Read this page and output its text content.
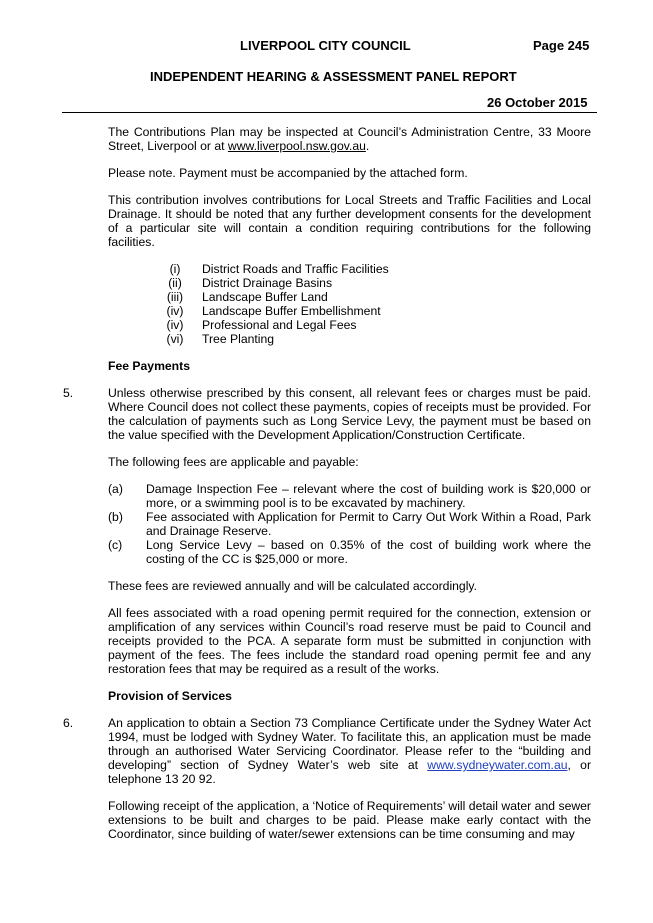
LIVERPOOL CITY COUNCIL	Page 245
INDEPENDENT HEARING & ASSESSMENT PANEL REPORT
26 October 2015

The Contributions Plan may be inspected at Council’s Administration Centre, 33 Moore Street, Liverpool or at www.liverpool.nsw.gov.au.

Please note. Payment must be accompanied by the attached form.

This contribution involves contributions for Local Streets and Traffic Facilities and Local Drainage. It should be noted that any further development consents for the development of a particular site will contain a condition requiring contributions for the following facilities.

(i)	District Roads and Traffic Facilities
(ii)	District Drainage Basins
(iii)	Landscape Buffer Land
(iv)	Landscape Buffer Embellishment
(iv)	Professional and Legal Fees
(vi)	Tree Planting

Fee Payments

5.	Unless otherwise prescribed by this consent, all relevant fees or charges must be paid. Where Council does not collect these payments, copies of receipts must be provided. For the calculation of payments such as Long Service Levy, the payment must be based on the value specified with the Development Application/Construction Certificate.

The following fees are applicable and payable:

(a)	Damage Inspection Fee – relevant where the cost of building work is $20,000 or more, or a swimming pool is to be excavated by machinery.
(b)	Fee associated with Application for Permit to Carry Out Work Within a Road, Park and Drainage Reserve.
(c)	Long Service Levy – based on 0.35% of the cost of building work where the costing of the CC is $25,000 or more.

These fees are reviewed annually and will be calculated accordingly.

All fees associated with a road opening permit required for the connection, extension or amplification of any services within Council’s road reserve must be paid to Council and receipts provided to the PCA. A separate form must be submitted in conjunction with payment of the fees. The fees include the standard road opening permit fee and any restoration fees that may be required as a result of the works.

Provision of Services

6.	An application to obtain a Section 73 Compliance Certificate under the Sydney Water Act 1994, must be lodged with Sydney Water. To facilitate this, an application must be made through an authorised Water Servicing Coordinator. Please refer to the “building and developing” section of Sydney Water’s web site at www.sydneywater.com.au, or telephone 13 20 92.

Following receipt of the application, a ‘Notice of Requirements’ will detail water and sewer extensions to be built and charges to be paid. Please make early contact with the Coordinator, since building of water/sewer extensions can be time consuming and may
